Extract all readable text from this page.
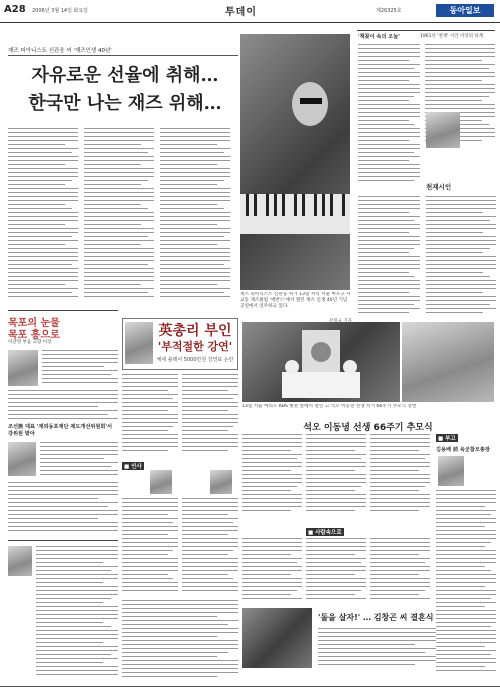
A28 2006년 3월 14일 화요일	투데이	제26325호	동아일보
재즈 피아니스트 신관웅 씨 '재즈인생 40년'
자유로운 선율에 취해…
한국만 나는 재즈 위해…
재즈 피아니스트 신관웅 씨가 13일 저녁 서울 마포구 서교동 재즈클럽 '에반스'에서 열린 재즈 인생 40년 기념 공연에서 연주하고 있다.
'책꽂이 속의 오늘'	1961년 '천재' 시인 이상의 타계
천재시인
목포의 눈물
목포 흥으로
이난영 부음 고향 이장
조선族 대표 '재외동포재단 제도개선위원회'서 강위원 맡아
英총리 부인
'부적절한 강연'
체세 블레어 5000만원 강연료 논란
■ 인사
13일 서울 여의도 KBS 별관 앞에서 열린 고 석오 이동녕 선생 서거 66주기 추모식 장면
석오 이동녕 선생 66주기 추모식
■ 부고
김용배 前 육군참모총장
■ 사람속으로
'돌을 살자!' … 김창곤 씨 결혼식
